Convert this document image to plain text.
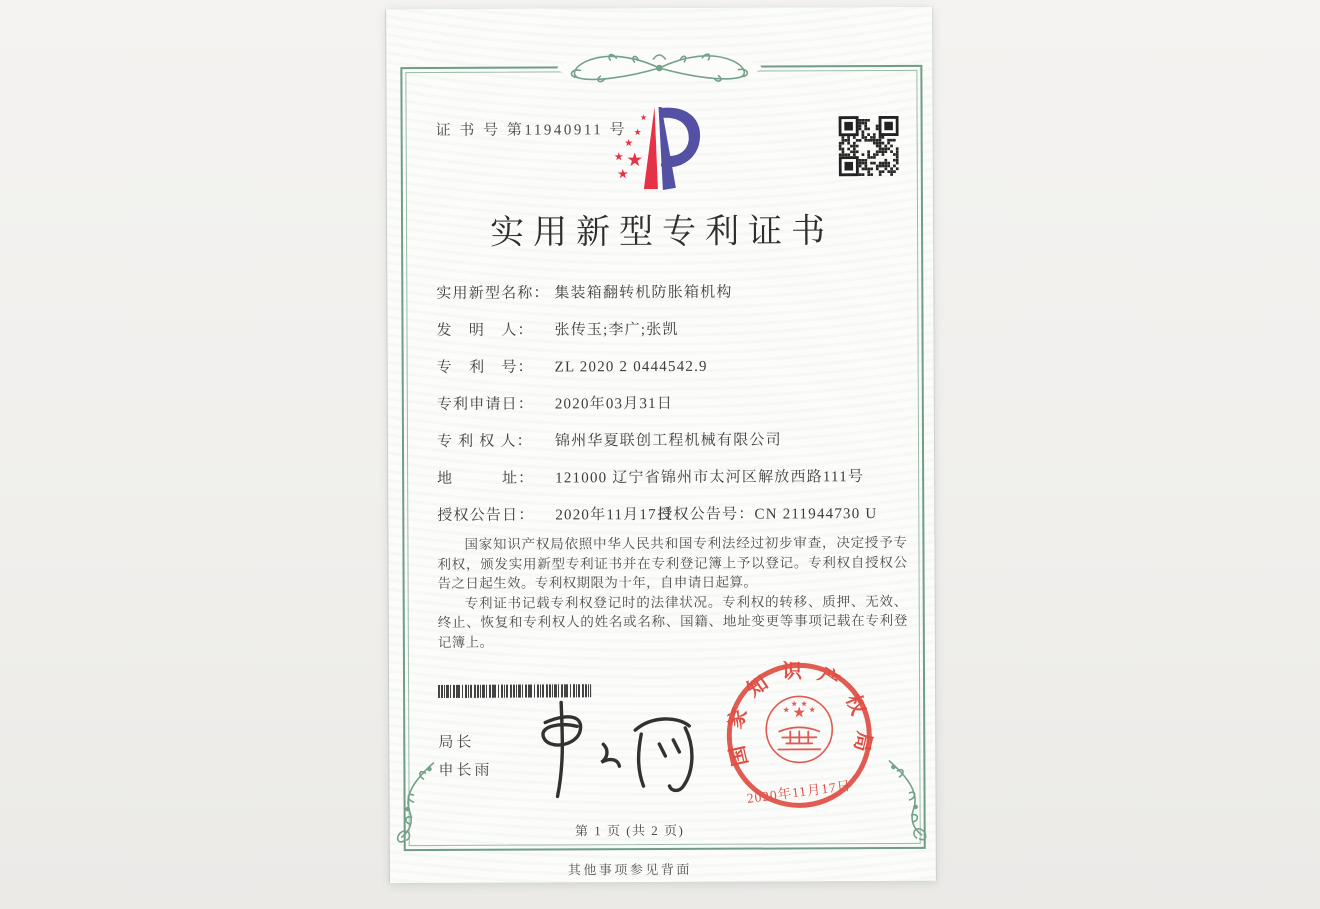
证 书 号 第11940911 号
★
★
★
★
★
★
实用新型专利证书
实用新型名称： 集装箱翻转机防胀箱机构
发　明　人： 张传玉;李广;张凯
专　利　号： ZL 2020 2 0444542.9
专利申请日： 2020年03月31日
专 利 权 人： 锦州华夏联创工程机械有限公司
地　　　址： 121000 辽宁省锦州市太河区解放西路111号
授权公告日： 2020年11月17日
授权公告号：CN 211944730 U

国家知识产权局依照中华人民共和国专利法经过初步审查，决定授予专利权，颁发实用新型专利证书并在专利登记簿上予以登记。专利权自授权公告之日起生效。专利权期限为十年，自申请日起算。

专利证书记载专利权登记时的法律状况。专利权的转移、质押、无效、终止、恢复和专利权人的姓名或名称、国籍、地址变更等事项记载在专利登记簿上。

局长
申长雨
国家知识产权局
★
★
★ ★
★
2020年11月17日
第 1 页 (共 2 页)
其他事项参见背面
